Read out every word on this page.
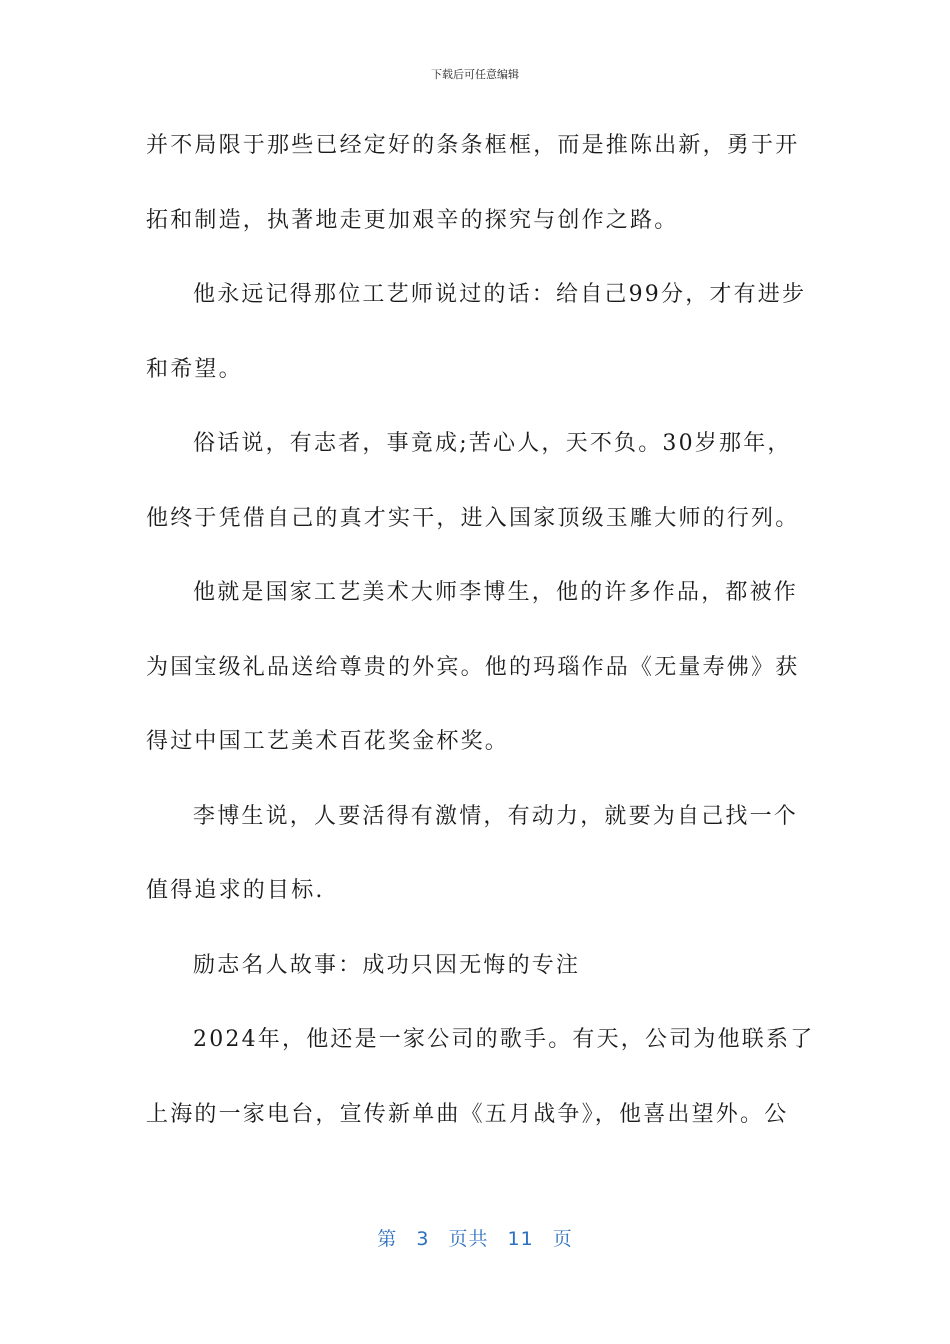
下载后可任意编辑
并不局限于那些已经定好的条条框框，而是推陈出新，勇于开
拓和制造，执著地走更加艰辛的探究与创作之路。
他永远记得那位工艺师说过的话：给自己99分，才有进步
和希望。
俗话说，有志者，事竟成;苦心人，天不负。30岁那年，
他终于凭借自己的真才实干，进入国家顶级玉雕大师的行列。
他就是国家工艺美术大师李博生，他的许多作品，都被作
为国宝级礼品送给尊贵的外宾。他的玛瑙作品《无量寿佛》获
得过中国工艺美术百花奖金杯奖。
李博生说，人要活得有激情，有动力，就要为自己找一个
值得追求的目标.
励志名人故事：成功只因无悔的专注
2024年，他还是一家公司的歌手。有天，公司为他联系了
上海的一家电台，宣传新单曲《五月战争》，他喜出望外。公
第 3 页共 11 页
